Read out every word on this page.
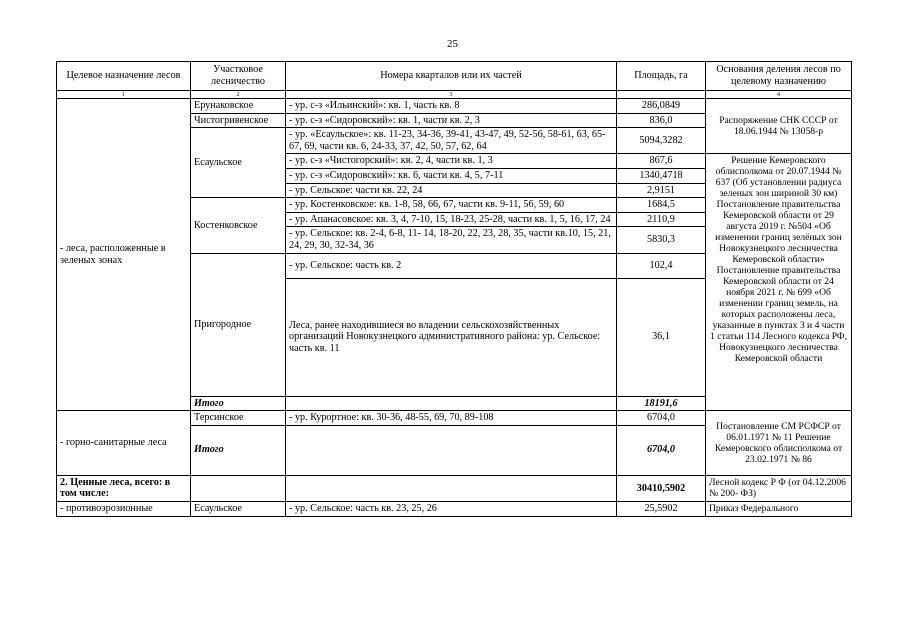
25
Целевое назначение лесов	Участковое лесничество	Номера кварталов или их частей	Площадь, га	Основания деления лесов по целевому назначению
1	2	3		4
- леса, расположенные в зеленых зонах	Ерунаковское	- ур. с-з «Ильинский»: кв. 1, часть кв. 8	286,0849	Распоряжение СНК СССР от 18.06.1944 № 13058-р
	Чистогривенское	- ур. с-з «Сидоровский»: кв. 1, части кв. 2, 3	836,0	
	Есаульское	- ур. «Есаульское»: кв. 11-23, 34-36, 39-41, 43-47, 49, 52-56, 58-61, 63, 65-67, 69, части кв. 6, 24-33, 37, 42, 50, 57, 62, 64	5094,3282	
		- ур. с-з «Чистогорский»: кв. 2, 4, части кв. 1, 3	867,6	Решение Кемеровского облисполкома от 20.07.1944 № 637 (Об установлении радиуса зеленых зон шириной 30 км) Постановление правительства Кемеровской области от 29 августа 2019 г. №504 «Об изменении границ зелёных зон Новокузнецкого лесничества Кемеровской области» Постановление правительства Кемеровской области от 24 ноября 2021 г. № 699 «Об изменении границ земель, на которых расположены леса, указанные в пунктах 3 и 4 части 1 статьи 114 Лесного кодекса РФ, Новокузнецкого лесничества Кемеровской области
		- ур. с-з «Сидоровский»: кв. 6, части кв. 4, 5, 7-11	1340,4718	
		- ур. Сельское: части кв. 22, 24	2,9151	
	Костенковское	- ур. Костенковское: кв. 1-8, 58, 66, 67, части кв. 9-11, 56, 59, 60	1684,5	
		- ур. Апанасовское: кв. 3, 4, 7-10, 15, 18-23, 25-28, части кв. 1, 5, 16, 17, 24	2110,9	
		- ур. Сельское: кв. 2-4, 6-8, 11- 14, 18-20, 22, 23, 28, 35, части кв.10, 15, 21, 24, 29, 30, 32-34, 36	5830,3	
	Пригородное	- ур. Сельское: часть кв. 2	102,4	
		Леса, ранее находившиеся во владении сельскохозяйственных организаций Новокузнецкого административного района: ур. Сельское: часть кв. 11	36,1	
	Итого		18191,6	
- горно-санитарные леса	Терсинское	- ур. Курортное: кв. 30-36, 48-55, 69, 70, 89-108	6704,0	Постановление СМ РСФСР от 06.01.1971 № 11 Решение Кемеровского облисполкома от 23.02.1971 № 86
	Итого		6704,0	
2. Ценные леса, всего: в том числе:			30410,5902	Лесной кодекс Р Ф (от 04.12.2006 № 200- ФЗ)
- противоэрозионные	Есаульское	- ур. Сельское: часть кв. 23, 25, 26	25,5902	Приказ Федерального
